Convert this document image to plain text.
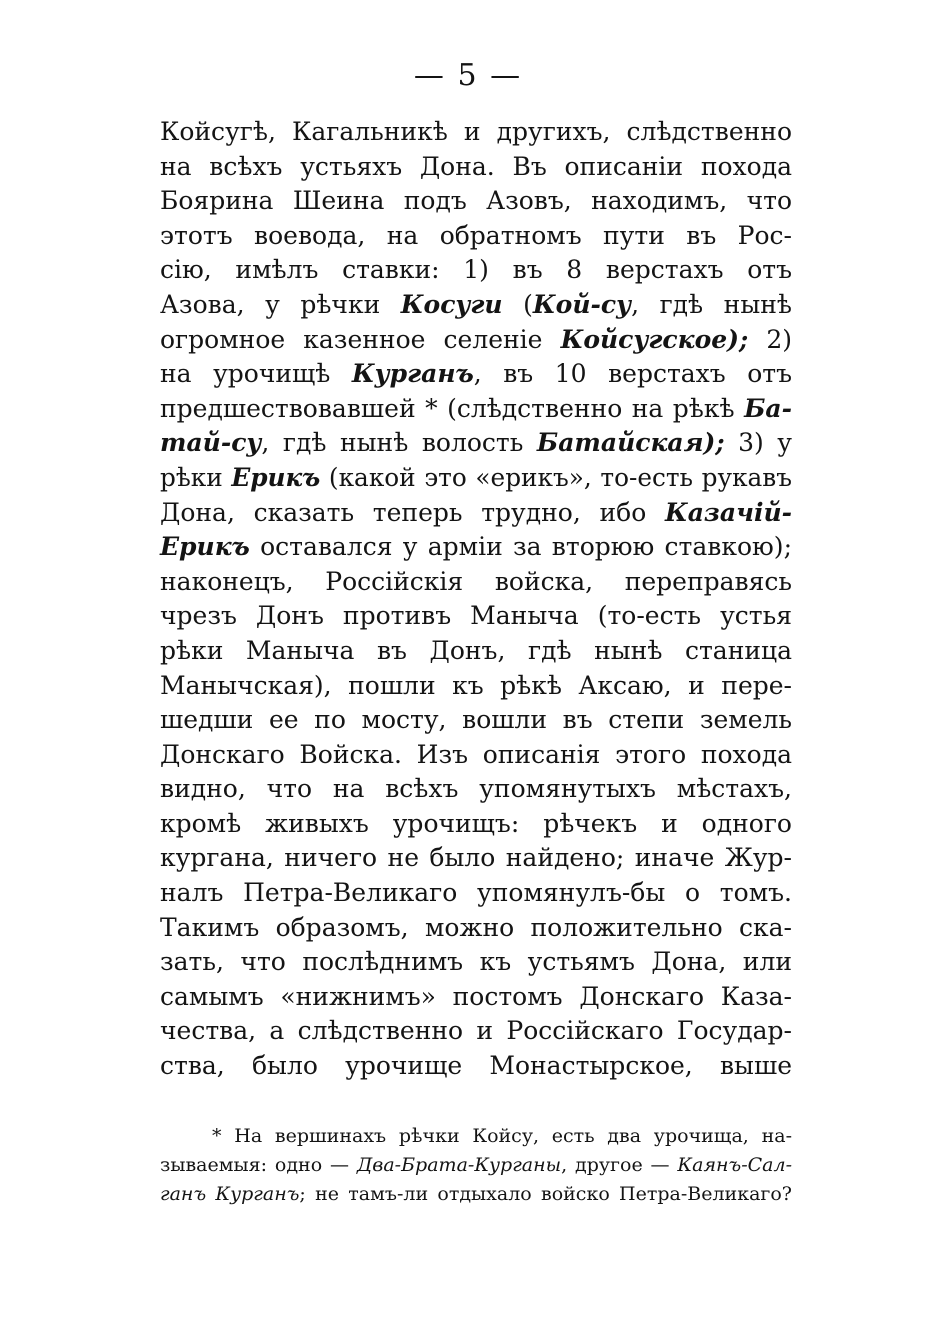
— 5 —
Койсугѣ, Кагальникѣ и другихъ, слѣдственно
на всѣхъ устьяхъ Дона. Въ описаніи похода
Боярина Шеина подъ Азовъ, находимъ, что
этотъ воевода, на обратномъ пути въ Рос-
сію, имѣлъ ставки: 1) въ 8 верстахъ отъ
Азова, у рѣчки Косуги (Кой-су, гдѣ нынѣ
огромное казенное селеніе Койсугское); 2)
на урочищѣ Курганъ, въ 10 верстахъ отъ
предшествовавшей * (слѣдственно на рѣкѣ Ба-
тай-су, гдѣ нынѣ волость Батайская); 3) у
рѣки Ерикъ (какой это «ерикъ», то-есть рукавъ
Дона, сказать теперь трудно, ибо Казачій-
Ерикъ оставался у арміи за вторюю ставкою);
наконецъ, Россійскія войска, переправясь
чрезъ Донъ противъ Маныча (то-есть устья
рѣки Маныча въ Донъ, гдѣ нынѣ станица
Манычская), пошли къ рѣкѣ Аксаю, и пере-
шедши ее по мосту, вошли въ степи земель
Донскаго Войска. Изъ описанія этого похода
видно, что на всѣхъ упомянутыхъ мѣстахъ,
кромѣ живыхъ урочищъ: рѣчекъ и одного
кургана, ничего не было найдено; иначе Жур-
налъ Петра-Великаго упомянулъ-бы о томъ.
Такимъ образомъ, можно положительно ска-
зать, что послѣднимъ къ устьямъ Дона, или
самымъ «нижнимъ» постомъ Донскаго Каза-
чества, а слѣдственно и Россійскаго Государ-
ства, было урочище Монастырское, выше
* На вершинахъ рѣчки Койсу, есть два урочища, на-
зываемыя: одно — Два-Брата-Курганы, другое — Каянъ-Сал-
ганъ Курганъ; не тамъ-ли отдыхало войско Петра-Великаго?
